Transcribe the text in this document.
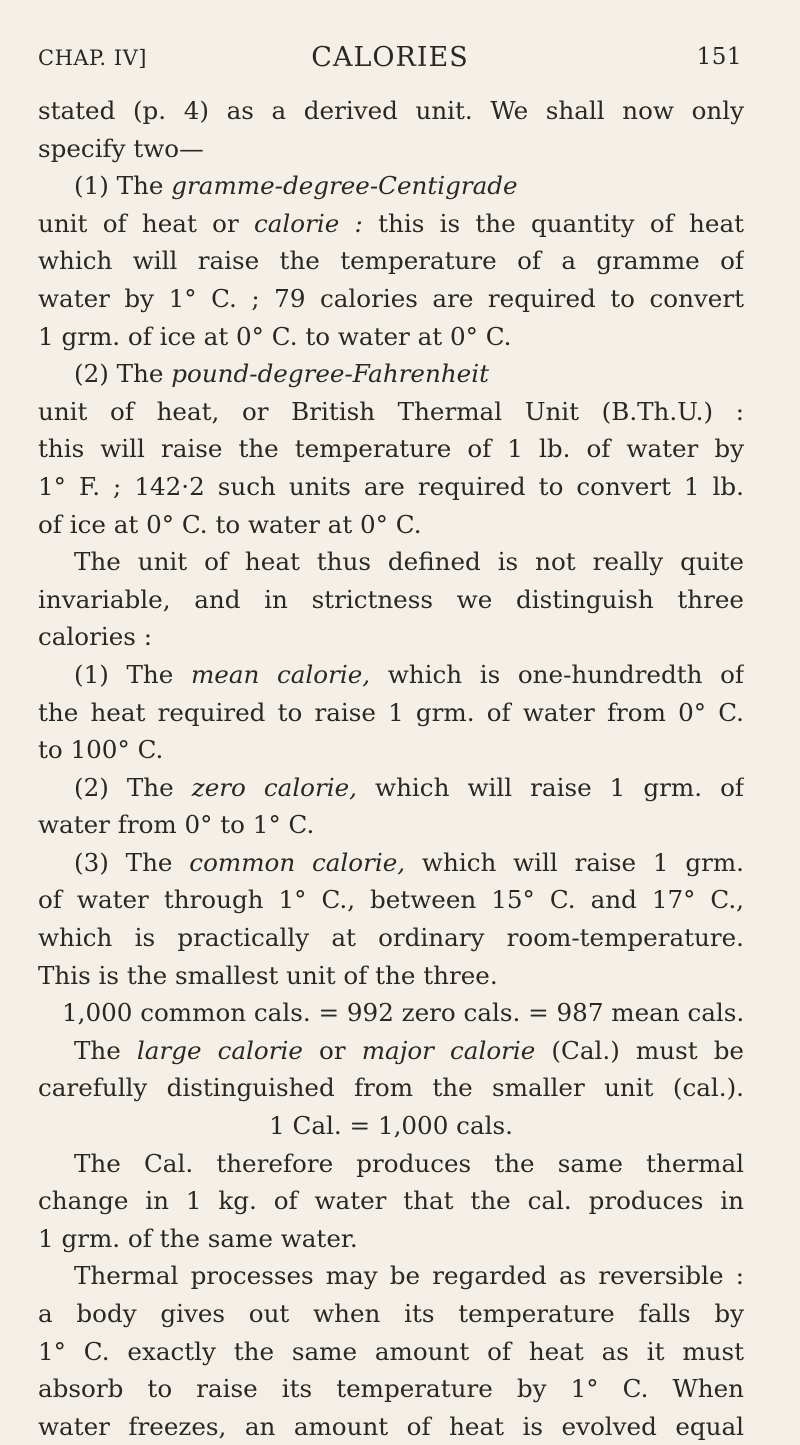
CHAP. IV]	CALORIES	151
stated (p. 4) as a derived unit. We shall now only
specify two—
(1) The gramme-degree-Centigrade
unit of heat or calorie : this is the quantity of heat
which will raise the temperature of a gramme of
water by 1° C. ; 79 calories are required to convert
1 grm. of ice at 0° C. to water at 0° C.
(2) The pound-degree-Fahrenheit
unit of heat, or British Thermal Unit (B.Th.U.) :
this will raise the temperature of 1 lb. of water by
1° F. ; 142·2 such units are required to convert 1 lb.
of ice at 0° C. to water at 0° C.
The unit of heat thus defined is not really quite
invariable, and in strictness we distinguish three
calories :
(1) The mean calorie, which is one-hundredth of
the heat required to raise 1 grm. of water from 0° C.
to 100° C.
(2) The zero calorie, which will raise 1 grm. of
water from 0° to 1° C.
(3) The common calorie, which will raise 1 grm.
of water through 1° C., between 15° C. and 17° C.,
which is practically at ordinary room-temperature.
This is the smallest unit of the three.
1,000 common cals. = 992 zero cals. = 987 mean cals.
The large calorie or major calorie (Cal.) must be
carefully distinguished from the smaller unit (cal.).
1 Cal. = 1,000 cals.
The Cal. therefore produces the same thermal
change in 1 kg. of water that the cal. produces in
1 grm. of the same water.
Thermal processes may be regarded as reversible :
a body gives out when its temperature falls by
1° C. exactly the same amount of heat as it must
absorb to raise its temperature by 1° C. When
water freezes, an amount of heat is evolved equal
